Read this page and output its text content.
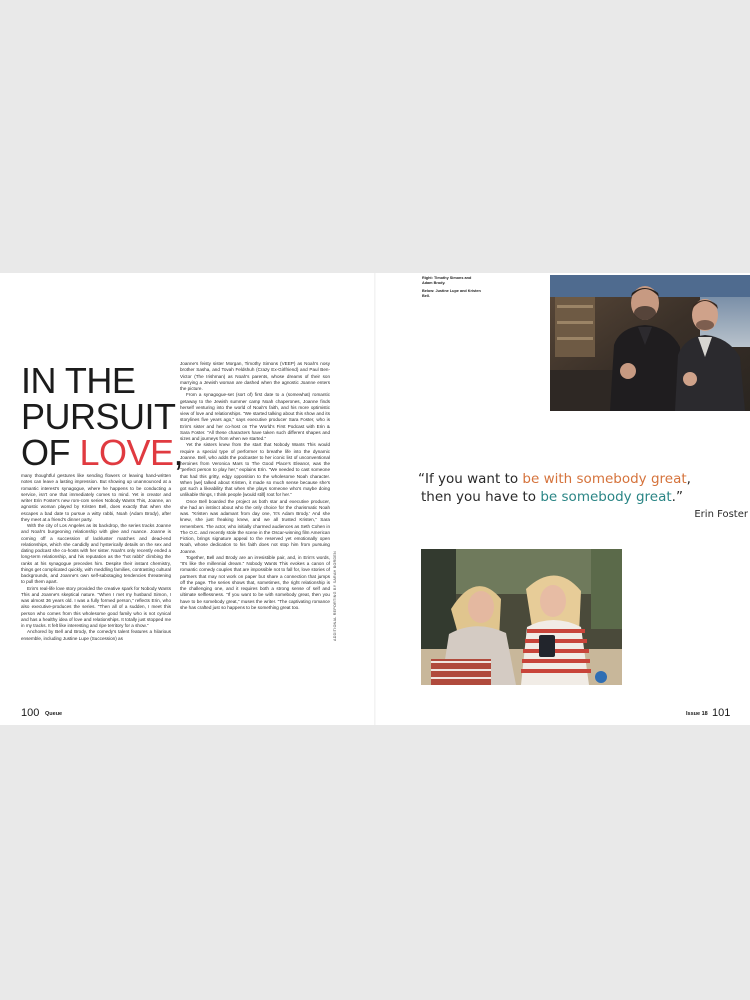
IN THE
PURSUIT
OF LOVE,

many thoughtful gestures like sending flowers or leaving hand-written notes can leave a lasting impression. But showing up unannounced at a romantic interest's synagogue, where he happens to be conducting a service, isn't one that immediately comes to mind. Yet in creator and writer Erin Foster's new rom-com series Nobody Wants This, Joanne, an agnostic woman played by Kristen Bell, does exactly that when she escapes a bad date to pursue a witty rabbi, Noah (Adam Brody), after they meet at a friend's dinner party.

With the city of Los Angeles as its backdrop, the series tracks Joanne and Noah's burgeoning relationship with glee and nuance. Joanne is coming off a succession of lackluster matches and dead-end relationships, which she candidly and hysterically details on the sex and dating podcast she co-hosts with her sister. Noah's only recently ended a long-term relationship, and his reputation as the "hot rabbi" climbing the ranks at his synagogue precedes him. Despite their instant chemistry, things get complicated quickly, with meddling families, contrasting cultural backgrounds, and Joanne's own self-sabotaging tendencies threatening to pull them apart.

Erin's real-life love story provided the creative spark for Nobody Wants This and Joanne's skeptical nature. "When I met my husband Simon, I was almost 36 years old. I was a fully formed person," reflects Erin, who also executive-produces the series. "Then all of a sudden, I meet this person who comes from this wholesome good family who is not cynical and has a healthy idea of love and relationships. It totally just stopped me in my tracks. It felt like interesting and ripe territory for a show."

Anchored by Bell and Brody, the comedy's talent features a hilarious ensemble, including Justine Lupe (Succession) as

Joanne's feisty sister Morgan, Timothy Simons (VEEP) as Noah's nosy brother Sasha, and Tovah Feldshuh (Crazy Ex-Girlfriend) and Paul Ben-Victor (The Irishman) as Noah's parents, whose dreams of their son marrying a Jewish woman are dashed when the agnostic Joanne enters the picture.

From a synagogue-set (sort of) first date to a (somewhat) romantic getaway to the Jewish summer camp Noah chaperones, Joanne finds herself venturing into the world of Noah's faith, and his more optimistic view of love and relationships. "We started talking about this show and its storylines five years ago," says executive producer Sara Foster, who is Erin's sister and her co-host on The World's First Podcast with Erin & Sara Foster. "All these characters have taken such different shapes and sizes and journeys from when we started."

Yet the sisters knew from the start that Nobody Wants This would require a special type of performer to breathe life into the dynamic Joanne. Bell, who adds the podcaster to her iconic list of unconventional heroines from Veronica Mars to The Good Place's Eleanor, was the "perfect person to play her," explains Erin. "We needed to cast someone that had this gritty, edgy opposition to the wholesome Noah character. When [we] talked about Kristen, it made so much sense because she's got such a likeability that when she plays someone who's maybe doing unlikable things, I think people [would still] root for her."

Once Bell boarded the project as both star and executive producer, she had an instinct about who the only choice for the charismatic Noah was. "Kristen was adamant from day one, 'It's Adam Brody.' And she knew, she just freaking knew, and we all trusted Kristen," Sara remembers. The actor, who initially charmed audiences as Seth Cohen in The O.C. and recently stole the scene in the Oscar-winning film American Fiction, brings signature appeal to the reserved yet emotionally open Noah, whose dedication to his faith does not stop him from pursuing Joanne.

Together, Bell and Brody are an irresistible pair, and, in Erin's words, "It's like the millennial dream." Nobody Wants This evokes a canon of romantic comedy couples that are impossible not to fall for, love stories of partners that may not work on paper but share a connection that jumps off the page. The series shows that, sometimes, the right relationship is the challenging one, and it requires both a strong sense of self and ultimate selflessness. "If you want to be with somebody great, then you have to be somebody great," muses the writer. "The captivating romance she has crafted just so happens to be something great too.	ADDITIONAL REPORTING BY SARAH BORDEN
Right: Timothy Simons and Adam Brody.
Below: Justine Lupe and Kristen Bell.
“If you want to be with somebody great,
then you have to be somebody great.”
Erin Foster
100 Queue	Issue 18 101
